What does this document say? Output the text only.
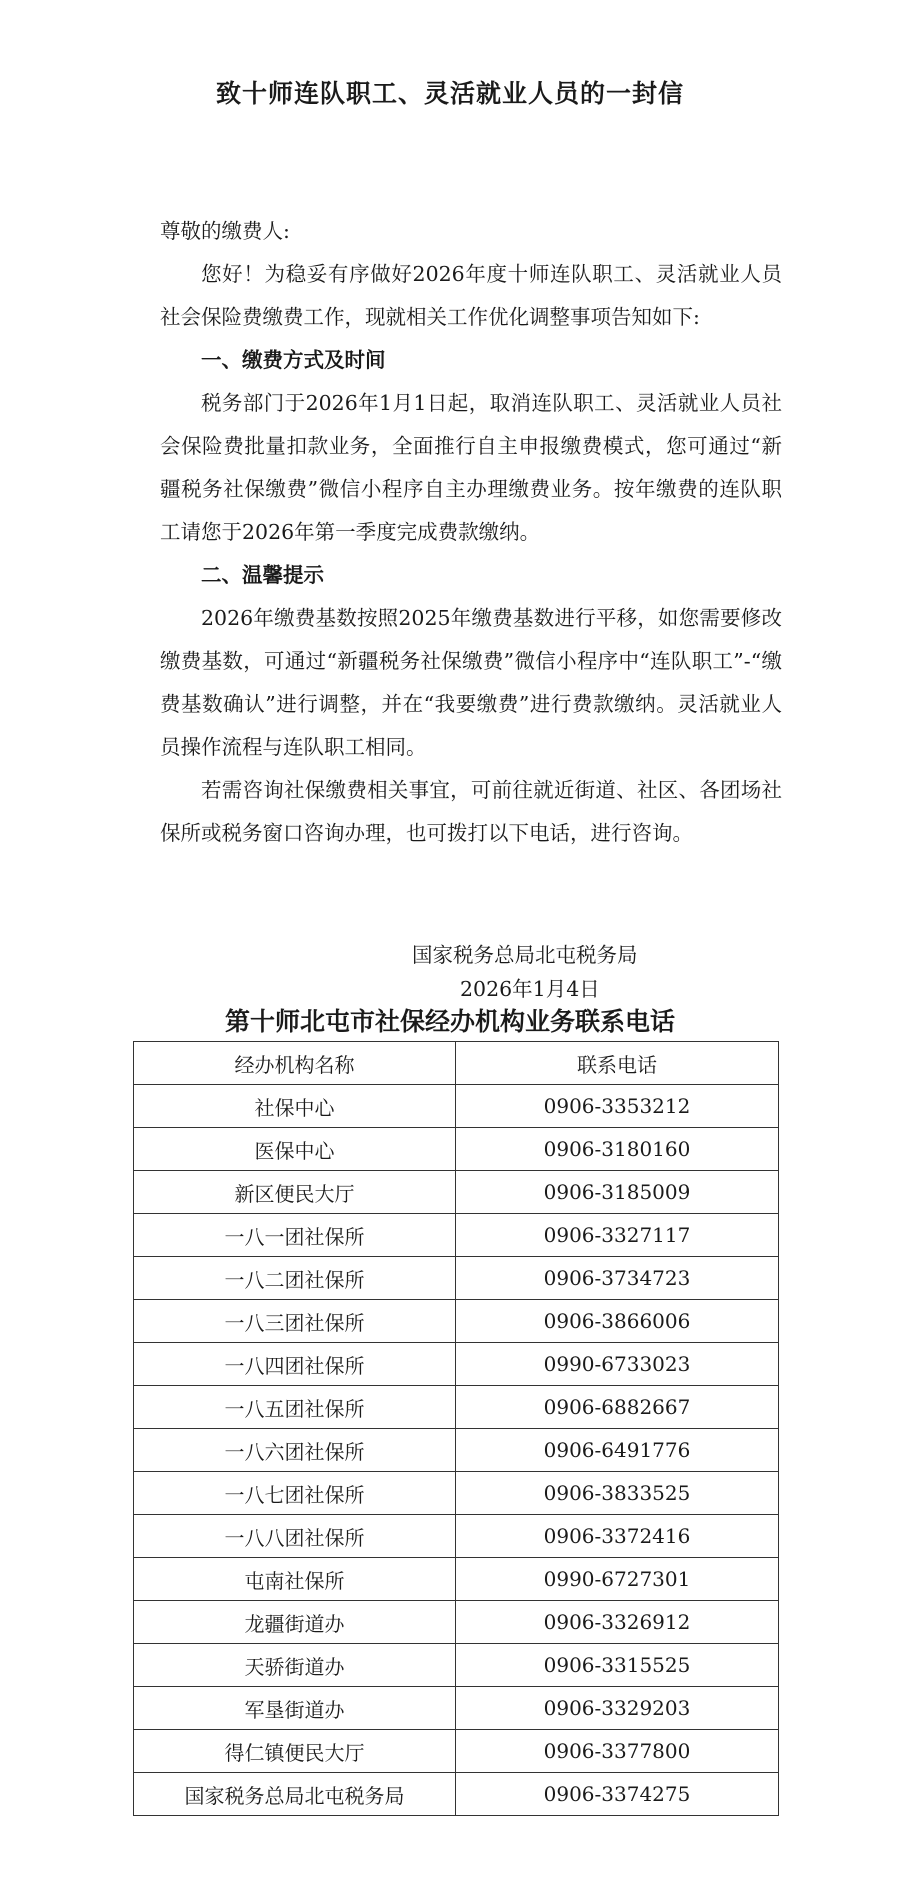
致十师连队职工、灵活就业人员的一封信

尊敬的缴费人:

您好！为稳妥有序做好2026年度十师连队职工、灵活就业人员社会保险费缴费工作，现就相关工作优化调整事项告知如下:

一、缴费方式及时间

税务部门于2026年1月1日起，取消连队职工、灵活就业人员社会保险费批量扣款业务，全面推行自主申报缴费模式，您可通过“新疆税务社保缴费”微信小程序自主办理缴费业务。按年缴费的连队职工请您于2026年第一季度完成费款缴纳。

二、温馨提示

2026年缴费基数按照2025年缴费基数进行平移，如您需要修改缴费基数，可通过“新疆税务社保缴费”微信小程序中“连队职工”-“缴费基数确认”进行调整，并在“我要缴费”进行费款缴纳。灵活就业人员操作流程与连队职工相同。

若需咨询社保缴费相关事宜，可前往就近街道、社区、各团场社保所或税务窗口咨询办理，也可拨打以下电话，进行咨询。

国家税务总局北屯税务局
2026年1月4日
第十师北屯市社保经办机构业务联系电话
经办机构名称	联系电话
社保中心	0906-3353212
医保中心	0906-3180160
新区便民大厅	0906-3185009
一八一团社保所	0906-3327117
一八二团社保所	0906-3734723
一八三团社保所	0906-3866006
一八四团社保所	0990-6733023
一八五团社保所	0906-6882667
一八六团社保所	0906-6491776
一八七团社保所	0906-3833525
一八八团社保所	0906-3372416
屯南社保所	0990-6727301
龙疆街道办	0906-3326912
天骄街道办	0906-3315525
军垦街道办	0906-3329203
得仁镇便民大厅	0906-3377800
国家税务总局北屯税务局	0906-3374275
